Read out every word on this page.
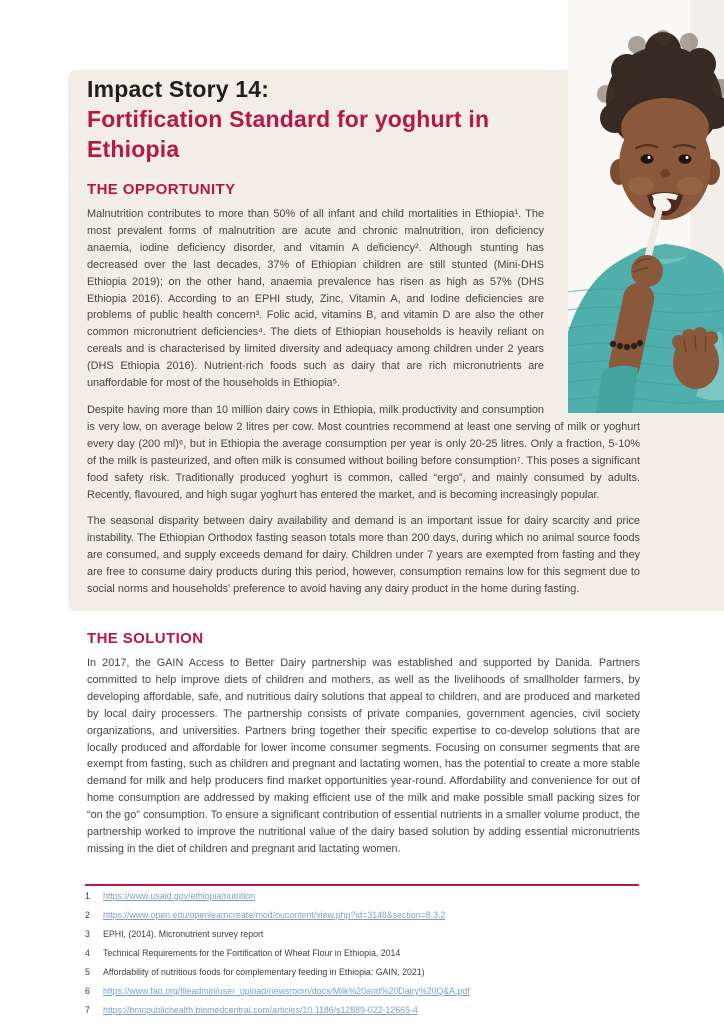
Impact Story 14:
Fortification Standard for yoghurt in Ethiopia
THE OPPORTUNITY

Malnutrition contributes to more than 50% of all infant and child mortalities in Ethiopia¹. The most prevalent forms of malnutrition are acute and chronic malnutrition, iron deficiency anaemia, iodine deficiency disorder, and vitamin A deficiency². Although stunting has decreased over the last decades, 37% of Ethiopian children are still stunted (Mini-DHS Ethiopia 2019); on the other hand, anaemia prevalence has risen as high as 57% (DHS Ethiopia 2016). According to an EPHI study, Zinc, Vitamin A, and Iodine deficiencies are problems of public health concern³. Folic acid, vitamins B, and vitamin D are also the other common micronutrient deficiencies⁴. The diets of Ethiopian households is heavily reliant on cereals and is characterised by limited diversity and adequacy among children under 2 years (DHS Ethiopia 2016). Nutrient-rich foods such as dairy that are rich micronutrients are unaffordable for most of the households in Ethiopia⁵.

Despite having more than 10 million dairy cows in Ethiopia, milk productivity and consumption is very low, on average below 2 litres per cow. Most countries recommend at least one serving of milk or yoghurt every day (200 ml)⁶, but in Ethiopia the average consumption per year is only 20-25 litres. Only a fraction, 5-10% of the milk is pasteurized, and often milk is consumed without boiling before consumption⁷. This poses a significant food safety risk. Traditionally produced yoghurt is common, called “ergo”, and mainly consumed by adults. Recently, flavoured, and high sugar yoghurt has entered the market, and is becoming increasingly popular.

The seasonal disparity between dairy availability and demand is an important issue for dairy scarcity and price instability. The Ethiopian Orthodox fasting season totals more than 200 days, during which no animal source foods are consumed, and supply exceeds demand for dairy. Children under 7 years are exempted from fasting and they are free to consume dairy products during this period, however, consumption remains low for this segment due to social norms and households’ preference to avoid having any dairy product in the home during fasting.

THE SOLUTION

In 2017, the GAIN Access to Better Dairy partnership was established and supported by Danida. Partners committed to help improve diets of children and mothers, as well as the livelihoods of smallholder farmers, by developing affordable, safe, and nutritious dairy solutions that appeal to children, and are produced and marketed by local dairy processers. The partnership consists of private companies, government agencies, civil society organizations, and universities. Partners bring together their specific expertise to co-develop solutions that are locally produced and affordable for lower income consumer segments. Focusing on consumer segments that are exempt from fasting, such as children and pregnant and lactating women, has the potential to create a more stable demand for milk and help producers find market opportunities year-round. Affordability and convenience for out of home consumption are addressed by making efficient use of the milk and make possible small packing sizes for “on the go” consumption. To ensure a significant contribution of essential nutrients in a smaller volume product, the partnership worked to improve the nutritional value of the dairy based solution by adding essential micronutrients missing in the diet of children and pregnant and lactating women.

1	https://www.usaid.gov/ethiopia/nutrition
2	https://www.open.edu/openlearncreate/mod/oucontent/view.php?id=3148&section=8.3.2
3	EPHI, (2014). Micronutrient survey report
4	Technical Requirements for the Fortification of Wheat Flour in Ethiopia, 2014
5	Affordability of nutritious foods for complementary feeding in Ethiopia: GAIN, 2021)
6	https://www.fao.org/fileadmin/user_upload/newsroom/docs/Milk%20and%20Dairy%20Q&A.pdf
7	https://bmcpublichealth.biomedcentral.com/articles/10.1186/s12889-022-12665-4
